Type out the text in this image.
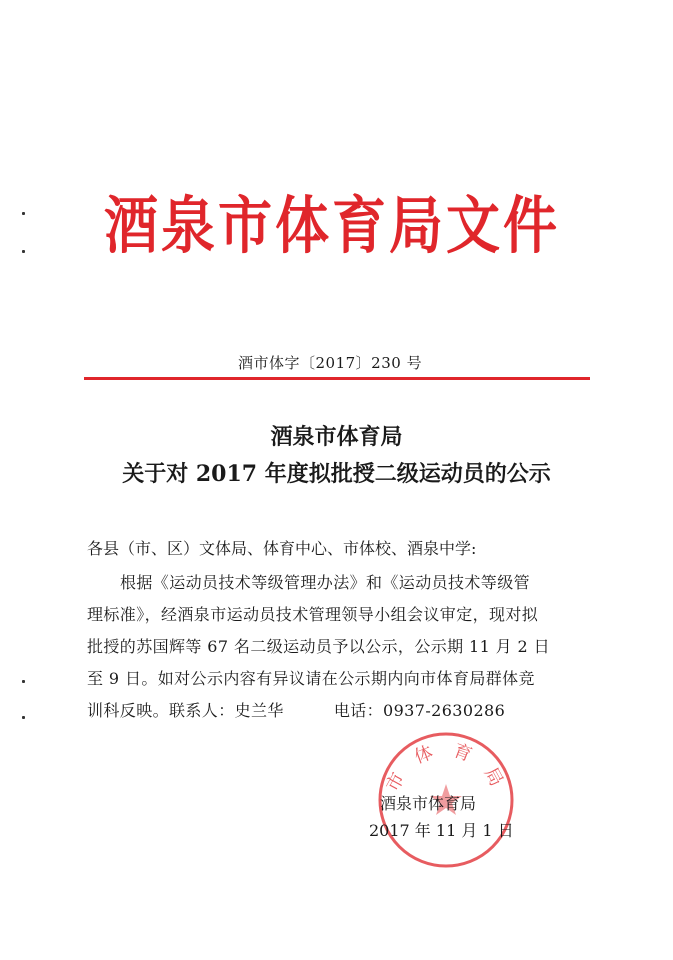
酒泉市体育局文件
酒市体字〔2017〕230 号
酒泉市体育局
关于对 2017 年度拟批授二级运动员的公示
各县（市、区）文体局、体育中心、市体校、酒泉中学:
根据《运动员技术等级管理办法》和《运动员技术等级管
理标准》，经酒泉市运动员技术管理领导小组会议审定，现对拟
批授的苏国辉等 67 名二级运动员予以公示，公示期 11 月 2 日
至 9 日。如对公示内容有异议请在公示期内向市体育局群体竞
训科反映。联系人：史兰华	电话：0937-2630286
市 体 育 局
酒泉市体育局
2017 年 11 月 1 日
